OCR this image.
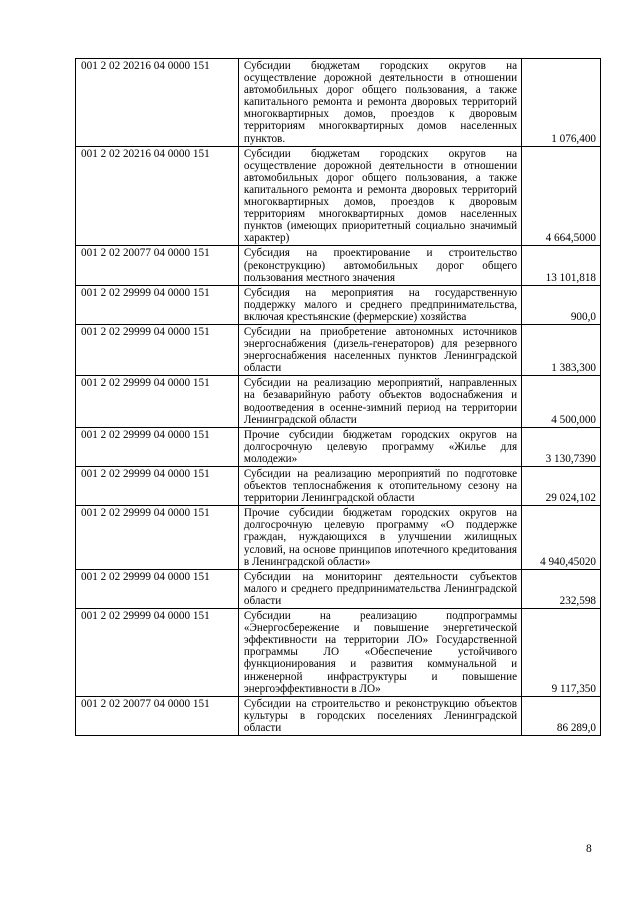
001 2 02 20216 04 0000 151	Субсидии бюджетам городских округов на осуществление дорожной деятельности в отношении автомобильных дорог общего пользования, а также капитального ремонта и ремонта дворовых территорий многоквартирных домов, проездов к дворовым территориям многоквартирных домов населенных пунктов.	1 076,400
001 2 02 20216 04 0000 151	Субсидии бюджетам городских округов на осуществление дорожной деятельности в отношении автомобильных дорог общего пользования, а также капитального ремонта и ремонта дворовых территорий многоквартирных домов, проездов к дворовым территориям многоквартирных домов населенных пунктов (имеющих приоритетный социально значимый характер)	4 664,5000
001 2 02 20077 04 0000 151	Субсидия на проектирование и строительство (реконструкцию) автомобильных дорог общего пользования местного значения	13 101,818
001 2 02 29999 04 0000 151	Субсидия на мероприятия на государственную поддержку малого и среднего предпринимательства, включая крестьянские (фермерские) хозяйства	900,0
001 2 02 29999 04 0000 151	Субсидии на приобретение автономных источников энергоснабжения (дизель-генераторов) для резервного энергоснабжения населенных пунктов Ленинградской области	1 383,300
001 2 02 29999 04 0000 151	Субсидии на реализацию мероприятий, направленных на безаварийную работу объектов водоснабжения и водоотведения в осенне-зимний период на территории Ленинградской области	4 500,000
001 2 02 29999 04 0000 151	Прочие субсидии бюджетам городских округов на долгосрочную целевую программу «Жилье для молодежи»	3 130,7390
001 2 02 29999 04 0000 151	Субсидии на реализацию мероприятий по подготовке объектов теплоснабжения к отопительному сезону на территории Ленинградской области	29 024,102
001 2 02 29999 04 0000 151	Прочие субсидии бюджетам городских округов на долгосрочную целевую программу «О поддержке граждан, нуждающихся в улучшении жилищных условий, на основе принципов ипотечного кредитования в Ленинградской области»	4 940,45020
001 2 02 29999 04 0000 151	Субсидии на мониторинг деятельности субъектов малого и среднего предпринимательства Ленинградской области	232,598
001 2 02 29999 04 0000 151	Субсидии на реализацию подпрограммы «Энергосбережение и повышение энергетической эффективности на территории ЛО» Государственной программы ЛО «Обеспечение устойчивого функционирования и развития коммунальной и инженерной инфраструктуры и повышение энергоэффективности в ЛО»	9 117,350
001 2 02 20077 04 0000 151	Субсидии на строительство и реконструкцию объектов культуры в городских поселениях Ленинградской области	86 289,0
8
